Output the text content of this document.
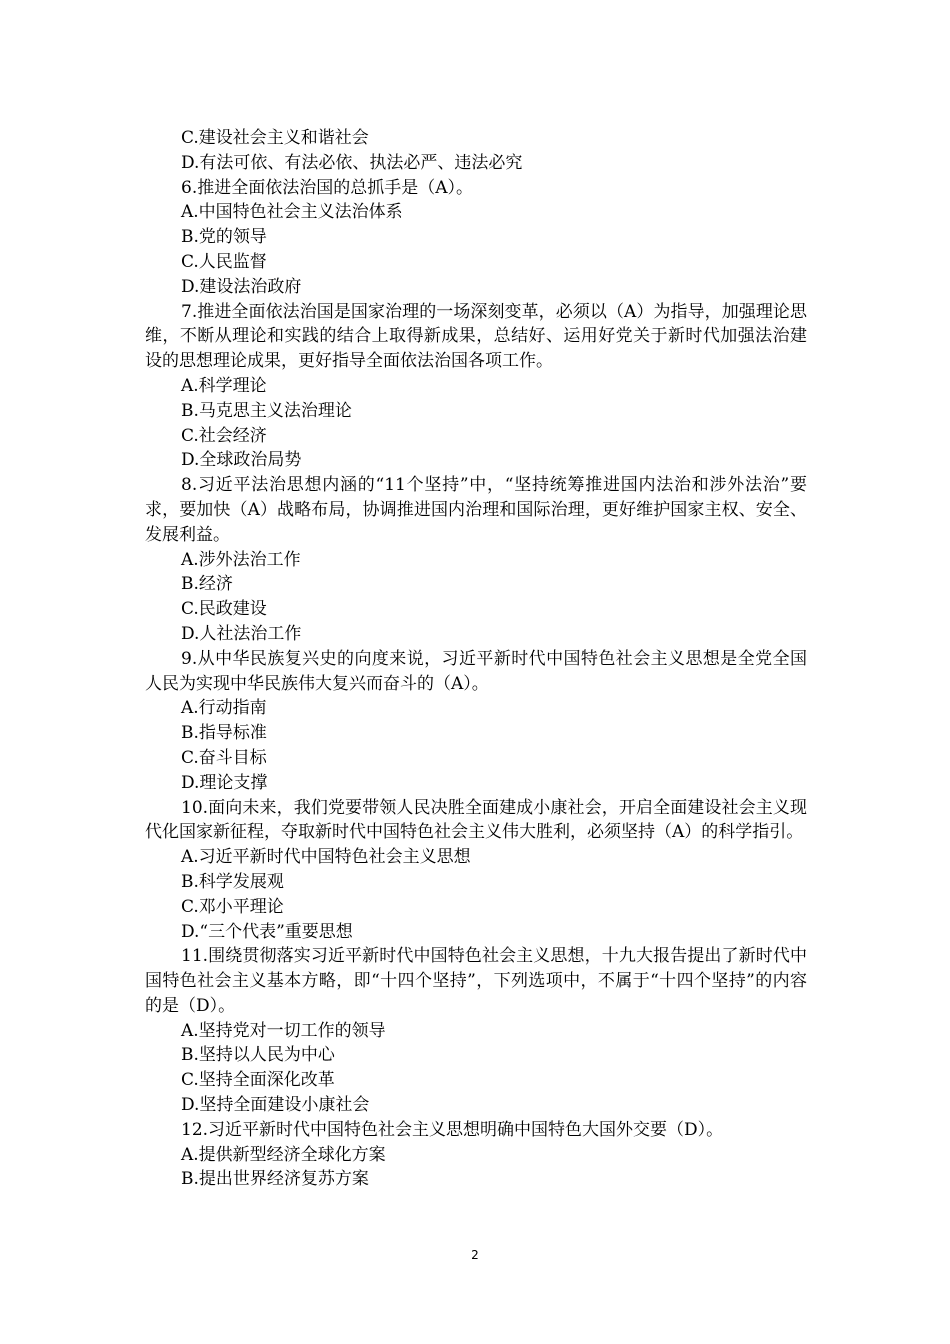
C.建设社会主义和谐社会
D.有法可依、有法必依、执法必严、违法必究
6.推进全面依法治国的总抓手是（A）。
A.中国特色社会主义法治体系
B.党的领导
C.人民监督
D.建设法治政府
7.推进全面依法治国是国家治理的一场深刻变革，必须以（A）为指导，加强理论思维，不断从理论和实践的结合上取得新成果，总结好、运用好党关于新时代加强法治建设的思想理论成果，更好指导全面依法治国各项工作。
A.科学理论
B.马克思主义法治理论
C.社会经济
D.全球政治局势
8.习近平法治思想内涵的“11个坚持”中，“坚持统筹推进国内法治和涉外法治”要求，要加快（A）战略布局，协调推进国内治理和国际治理，更好维护国家主权、安全、发展利益。
A.涉外法治工作
B.经济
C.民政建设
D.人社法治工作
9.从中华民族复兴史的向度来说，习近平新时代中国特色社会主义思想是全党全国人民为实现中华民族伟大复兴而奋斗的（A）。
A.行动指南
B.指导标准
C.奋斗目标
D.理论支撑
10.面向未来，我们党要带领人民决胜全面建成小康社会，开启全面建设社会主义现代化国家新征程，夺取新时代中国特色社会主义伟大胜利，必须坚持（A）的科学指引。
A.习近平新时代中国特色社会主义思想
B.科学发展观
C.邓小平理论
D.“三个代表”重要思想
11.围绕贯彻落实习近平新时代中国特色社会主义思想，十九大报告提出了新时代中国特色社会主义基本方略，即“十四个坚持”，下列选项中，不属于“十四个坚持”的内容的是（D）。
A.坚持党对一切工作的领导
B.坚持以人民为中心
C.坚持全面深化改革
D.坚持全面建设小康社会
12.习近平新时代中国特色社会主义思想明确中国特色大国外交要（D）。
A.提供新型经济全球化方案
B.提出世界经济复苏方案
2
